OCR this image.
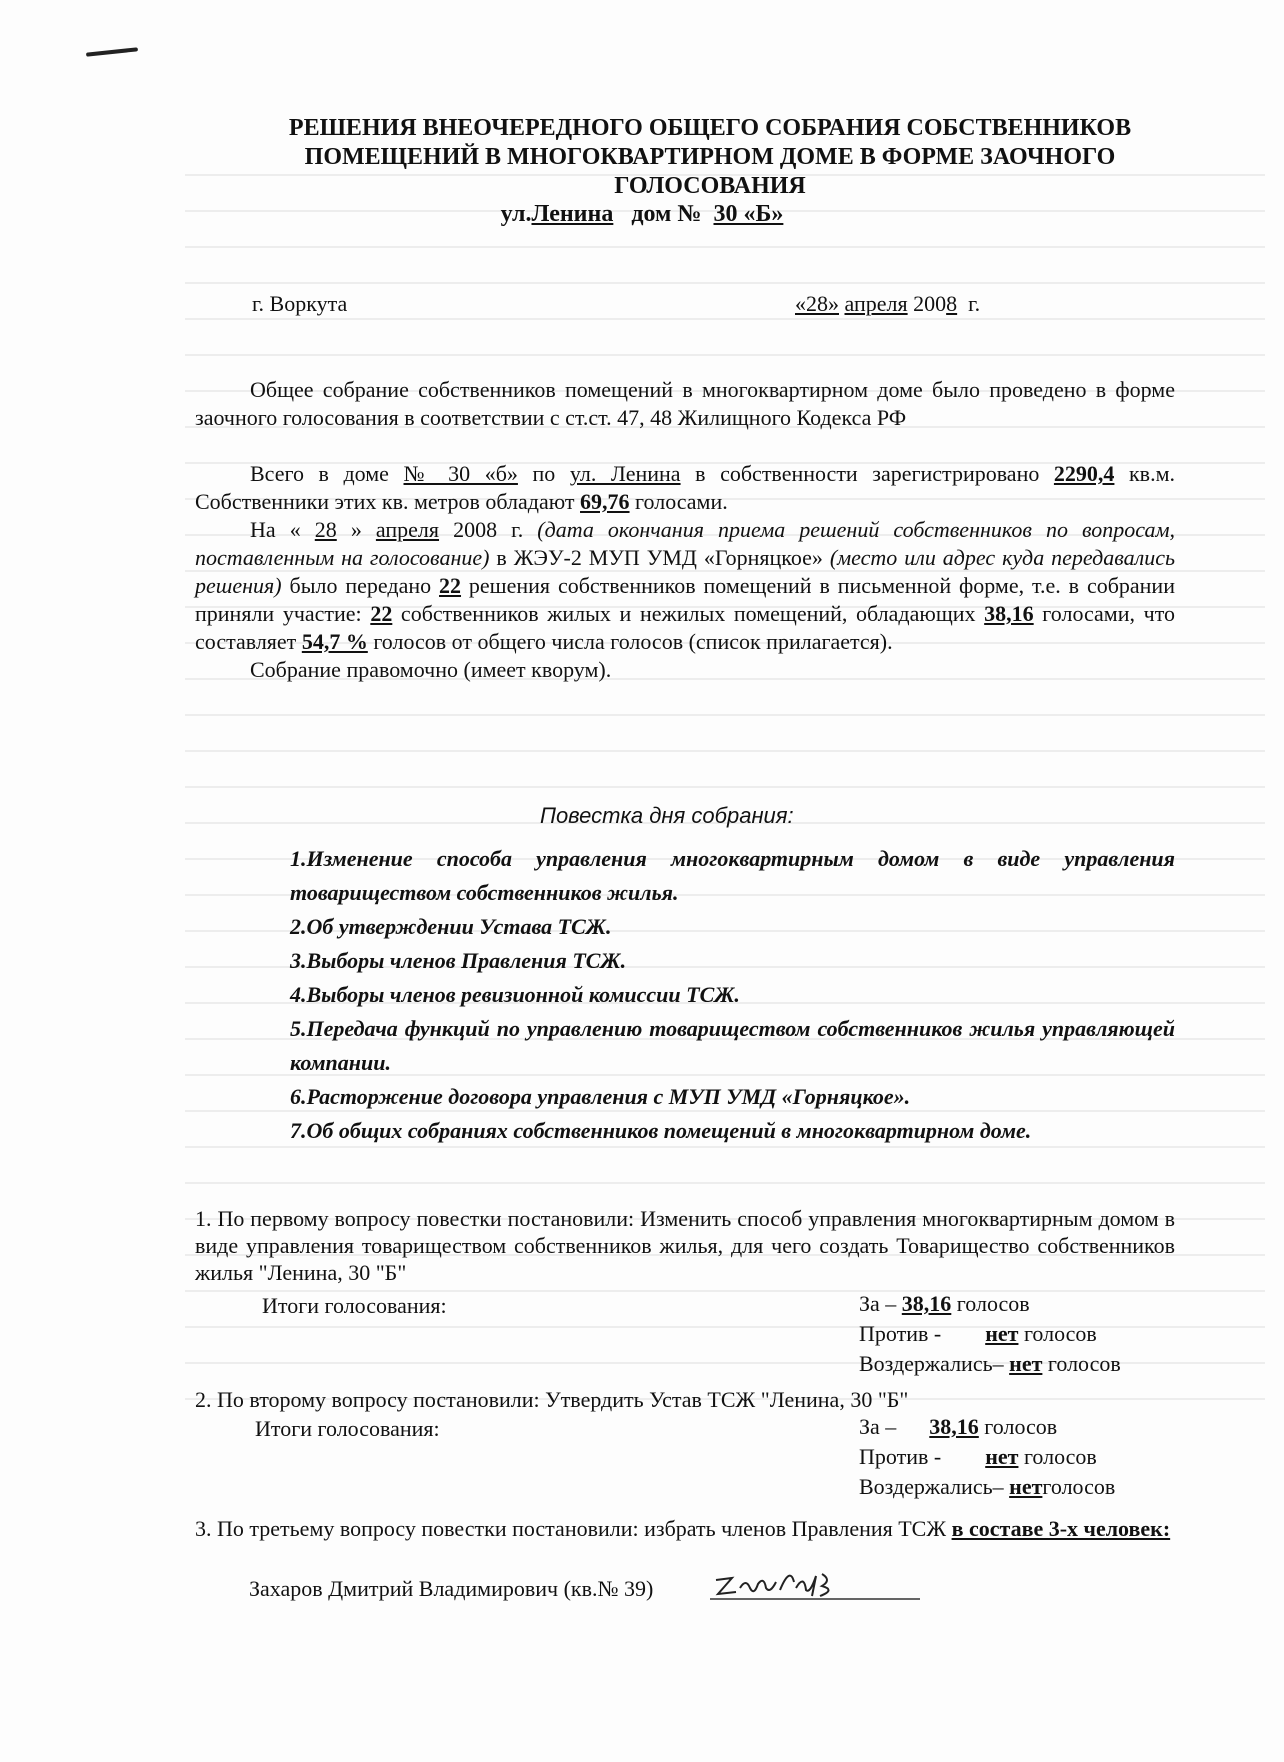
РЕШЕНИЯ ВНЕОЧЕРЕДНОГО ОБЩЕГО СОБРАНИЯ СОБСТВЕННИКОВ
ПОМЕЩЕНИЙ В МНОГОКВАРТИРНОМ ДОМЕ В ФОРМЕ ЗАОЧНОГО
ГОЛОСОВАНИЯ
ул.Ленина дом № 30 «Б»
г. Воркута	«28» апреля 2008 г.

Общее собрание собственников помещений в многоквартирном доме было проведено в форме заочного голосования в соответствии с ст.ст. 47, 48 Жилищного Кодекса РФ

Всего в доме № 30 «б» по ул. Ленина в собственности зарегистрировано 2290,4 кв.м. Собственники этих кв. метров обладают 69,76 голосами.

На « 28 » апреля 2008 г. (дата окончания приема решений собственников по вопросам, поставленным на голосование) в ЖЭУ-2 МУП УМД «Горняцкое» (место или адрес куда передавались решения) было передано 22 решения собственников помещений в письменной форме, т.е. в собрании приняли участие: 22 собственников жилых и нежилых помещений, обладающих 38,16 голосами, что составляет 54,7 % голосов от общего числа голосов (список прилагается).

Собрание правомочно (имеет кворум).

Повестка дня собрания:
1.Изменение способа управления многоквартирным домом в виде управления товариществом собственников жилья.
2.Об утверждении Устава ТСЖ.
3.Выборы членов Правления ТСЖ.
4.Выборы членов ревизионной комиссии ТСЖ.
5.Передача функций по управлению товариществом собственников жилья управляющей компании.
6.Расторжение договора управления с МУП УМД «Горняцкое».
7.Об общих собраниях собственников помещений в многоквартирном доме.
1. По первому вопросу повестки постановили: Изменить способ управления многоквартирным домом в виде управления товариществом собственников жилья, для чего создать Товарищество собственников жилья "Ленина, 30 "Б"
Итоги голосования:	За – 38,16 голосов
Против - нет голосов
Воздержались– нет голосов
2. По второму вопросу постановили: Утвердить Устав ТСЖ "Ленина, 30 "Б"
Итоги голосования:	За – 38,16 голосов
Против - нет голосов
Воздержались– нетголосов
3. По третьему вопросу повестки постановили: избрать членов Правления ТСЖ в составе 3-х человек:
Захаров Дмитрий Владимирович (кв.№ 39)
